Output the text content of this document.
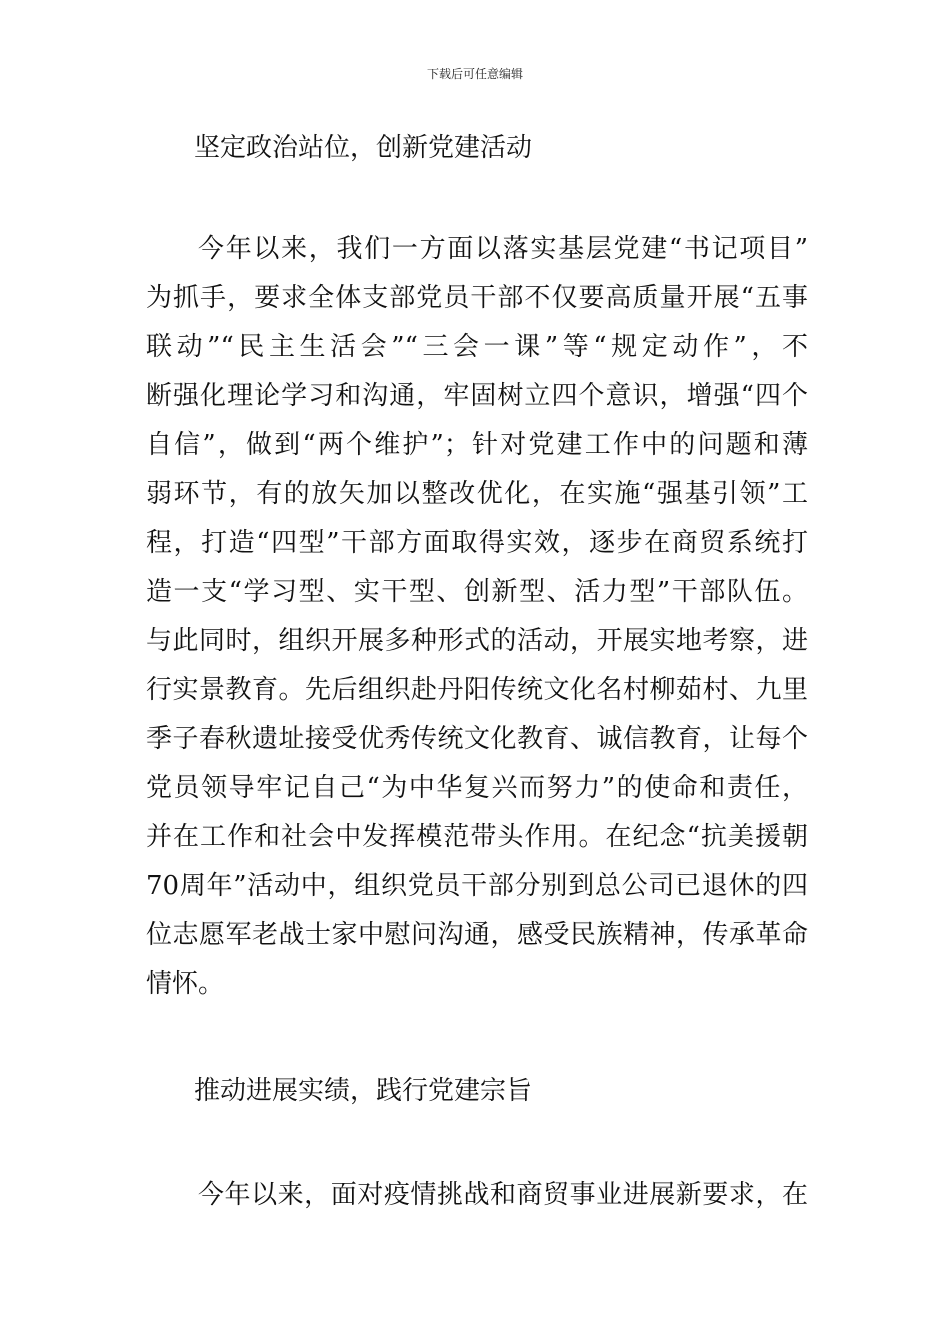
下载后可任意编辑
坚定政治站位，创新党建活动
今年以来，我们一方面以落实基层党建“书记项目”
为抓手，要求全体支部党员干部不仅要高质量开展“五事
联动”“民主生活会”“三会一课”等“规定动作”，不
断强化理论学习和沟通，牢固树立四个意识，增强“四个
自信”，做到“两个维护”；针对党建工作中的问题和薄
弱环节，有的放矢加以整改优化，在实施“强基引领”工
程，打造“四型”干部方面取得实效，逐步在商贸系统打
造一支“学习型、实干型、创新型、活力型”干部队伍。
与此同时，组织开展多种形式的活动，开展实地考察，进
行实景教育。先后组织赴丹阳传统文化名村柳茹村、九里
季子春秋遗址接受优秀传统文化教育、诚信教育，让每个
党员领导牢记自己“为中华复兴而努力”的使命和责任，
并在工作和社会中发挥模范带头作用。在纪念“抗美援朝
70周年”活动中，组织党员干部分别到总公司已退休的四
位志愿军老战士家中慰问沟通，感受民族精神，传承革命
情怀。
推动进展实绩，践行党建宗旨
今年以来，面对疫情挑战和商贸事业进展新要求，在
